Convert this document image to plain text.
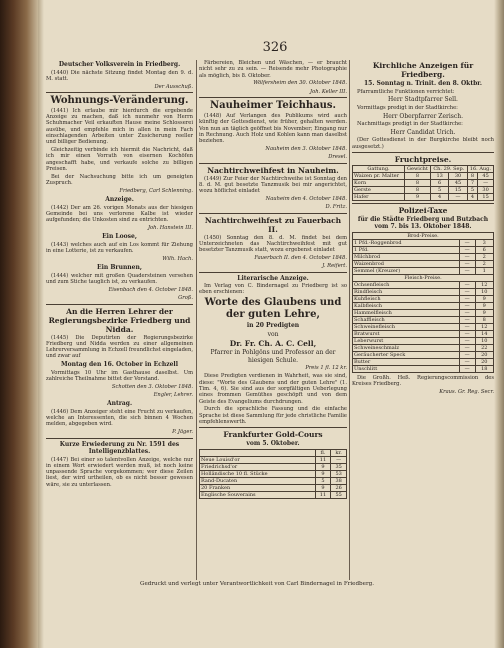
326
Deutscher Volksverein in Friedberg.
(1440) Die nächste Sitzung findet Montag den 9. d. M. statt.
Der Ausschuß.
Wohnungs-Veränderung.
(1441) Ich erlaube mir hierdurch die ergebende Anzeige zu machen, daß ich nunmehr von Herrn Schuhmacher Veil erkauften Hause meine Schlosserei ausübe, und empfehle mich in allen in mein Fach einschlagenden Arbeiten unter Zusicherung reeller und billiger Bedienung.
Gleichzeitig verbinde ich hiermit die Nachricht, daß ich mir einen Vorrath von eisernen Kochöfen angeschafft habe, und verkaufe solche zu billigen Preisen.
Bei der Nachsuchung bitte ich um geneigten Zuspruch.
Friedberg, Carl Schlenning.
Anzeige.
(1442) Der am 26. vorigen Monats aus der hiesigen Gemeinde bei uns verlorene Kalbe ist wieder aufgefunden; die Unkosten sind zu entrichten.
Joh. Hanstein III.
Ein Loose,
(1443) welches auch auf ein Los kommt für Ziehung in eine Lotterie, ist zu verkaufen.
Wilh. Hach.
Ein Brunnen,
(1444) welcher mit großen Quadersteinen versehen und zum Stiche tauglich ist, zu verkaufen.
Eisenbach den 4. October 1848.
Groß.
An die Herren Lehrer der Regierungsbezirke Friedberg und Nidda.
(1445) Die Deputirten der Regierungsbezirke Friedberg und Nidda werden zu einer allgemeinen Lehrerversammlung in Echzell freundlichst eingeladen, und zwar auf
Montag den 16. October in Echzell
Vormittags 10 Uhr im Gasthause daselbst. Um zahlreiche Theilnahme bittet der Vorstand.
Schotten den 3. Oktober 1848.
Engler, Lehrer.
Antrag.
(1446) Dem Anzeiger steht eine Frucht zu verkaufen, welche an Interessenten, die sich binnen 4 Wochen melden, abgegeben wird.
P. Jäger.
Kurze Erwiederung zu Nr. 1591 des Intelligenzblattes.
(1447) Bei einer so talentvollen Anzeige, welche nur in einem Wort erwiedert werden muß, ist noch keine unpassende Sprache vorgekommen; wer diese Zeilen liest, der wird urtheilen, ob es nicht besser gewesen wäre, sie zu unterlassen.
Färbereien, Bleichen und Wäschen, — er braucht nicht sehr zu zu sein. — Reisende mehr Photographie als möglich, bis 8. Oktober.
Wölfersheim den 30. Oktober 1848.
Joh. Keller III.
Nauheimer Teichhaus.
(1448) Auf Verlangen des Publikums wird auch künftig der Gottesdienst, wie früher, gehalten werden. Von nun an täglich geöffnet bis November; Eingang nur in Rechnung. Auch Holz und Kohlen kann man daselbst beziehen.
Nauheim den 3. Oktober 1848.
Dresel.
Nachtirchweihfest in Nauheim.
(1449) Zur Feier der Nachtirchweihe ist Sonntag den 8. d. M. gut besetzte Tanzmusik bei mir angerichtet, wozu höflichst einladet
Nauheim den 4. October 1848.
D. Fritz.
Nachtirchweihfest zu Fauerbach II.
(1450) Sonntag den 8. d. M. findet bei dem Unterzeichneten das Nachtirchweihfest mit gut besetzter Tanzmusik statt, wozu ergebenst einladet
Fauerbach II. den 4. October 1848.
J. Reifert.
Literarische Anzeige.
Im Verlag von C. Bindernagel zu Friedberg ist so eben erschienen:
Worte des Glaubens und der guten Lehre,
in 20 Predigten
von
Dr. Fr. Ch. A. C. Cell,
Pfarrer in Pohlgöns und Professor an der hiesigen Schule.
Preis 1 fl. 12 kr.
Diese Predigten verdienen in Wahrheit, was sie sind, diese: "Worte des Glaubens und der guten Lehre" (1. Tim. 4, 6). Sie sind aus der sorgfältigen Ueberlegung eines frommen Gemüthes geschöpft und von dem Geiste des Evangeliums durchdrungen.
Durch die sprachliche Fassung und die einfache Sprache ist diese Sammlung für jede christliche Familie empfehlenswerth.
Frankfurter Gold-Cours
vom 5. Oktober.
	fl.	kr.
Neue Louisd'or	11	—
Friedrichsd'or	9	35
Holländische 10 fl. Stücke	9	53
Rand-Ducaten	5	38
20 Franken	9	26
Englische Souverains	11	55
Kirchliche Anzeigen für Friedberg.
15. Sonntag n. Trinit. den 8. Oktbr.
Pfarramtliche Funktionen verrichtet:
Herr Stadtpfarrer Sell.
Vormittags predigt in der Stadtkirche:
Herr Oberpfarrer Zerisch.
Nachmittags predigt in der Stadtkirche:
Herr Candidat Urich.
(Der Gottesdienst in der Burgkirche bleibt noch ausgesetzt.)
Fruchtpreise.
Gattung.	Gewicht	Ch. 29. Sep.		16. Aug.	
Waizen pr. Malter	8	13	30	8	45
Korn	8	6	45	7	—
Gerste	8	5	15	5	30
Hafer	9	4	—	4	15
Polizei-Taxe
für die Städte Friedberg und Butzbach vom 7. bis 13. Oktober 1848.
Brod-Preise.		
1 Pfd.-Roggenbrod	—	3
1 Pfd.	—	6
Milchbrod	—	2
Waizenbrod	—	2
Semmel (Kreuzer)	—	1
Fleisch-Preise.		
Ochsenfleisch	—	12
Rindfleisch	—	10
Kuhfleisch	—	9
Kalbfleisch	—	9
Hammelfleisch	—	9
Schaffleisch	—	8
Schweinefleisch	—	12
Bratwurst	—	14
Leberwurst	—	10
Schweineschmalz	—	22
Geräucherter Speck	—	20
Butter	—	20
Unschlitt	—	18
Die Großh. Heß. Regierungscommission des Kreises Friedberg.
Kraus. Gr. Reg. Secr.
Gedruckt und verlegt unter Verantwortlichkeit von Carl Bindernagel in Friedberg.
